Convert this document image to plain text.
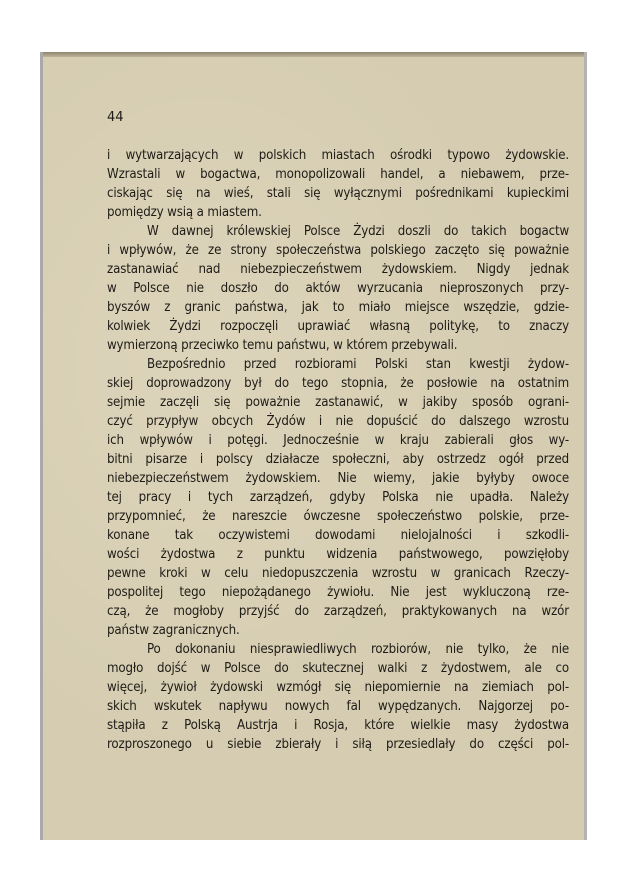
44
i wytwarzających w polskich miastach ośrodki typowo żydowskie.
Wzrastali w bogactwa, monopolizowali handel, a niebawem, prze-
ciskając się na wieś, stali się wyłącznymi pośrednikami kupieckimi
pomiędzy wsią a miastem.
W dawnej królewskiej Polsce Żydzi doszli do takich bogactw
i wpływów, że ze strony społeczeństwa polskiego zaczęto się poważnie
zastanawiać nad niebezpieczeństwem żydowskiem. Nigdy jednak
w Polsce nie doszło do aktów wyrzucania nieproszonych przy-
byszów z granic państwa, jak to miało miejsce wszędzie, gdzie-
kolwiek Żydzi rozpoczęli uprawiać własną politykę, to znaczy
wymierzoną przeciwko temu państwu, w którem przebywali.
Bezpośrednio przed rozbiorami Polski stan kwestji żydow-
skiej doprowadzony był do tego stopnia, że posłowie na ostatnim
sejmie zaczęli się poważnie zastanawić, w jakiby sposób ograni-
czyć przypływ obcych Żydów i nie dopuścić do dalszego wzrostu
ich wpływów i potęgi. Jednocześnie w kraju zabierali głos wy-
bitni pisarze i polscy działacze społeczni, aby ostrzedz ogół przed
niebezpieczeństwem żydowskiem. Nie wiemy, jakie byłyby owoce
tej pracy i tych zarządzeń, gdyby Polska nie upadła. Należy
przypomnieć, że nareszcie ówczesne społeczeństwo polskie, prze-
konane tak oczywistemi dowodami nielojalności i szkodli-
wości żydostwa z punktu widzenia państwowego, powzięłoby
pewne kroki w celu niedopuszczenia wzrostu w granicach Rzeczy-
pospolitej tego niepożądanego żywiołu. Nie jest wykluczoną rze-
czą, że mogłoby przyjść do zarządzeń, praktykowanych na wzór
państw zagranicznych.
Po dokonaniu niesprawiedliwych rozbiorów, nie tylko, że nie
mogło dojść w Polsce do skutecznej walki z żydostwem, ale co
więcej, żywioł żydowski wzmógł się niepomiernie na ziemiach pol-
skich wskutek napływu nowych fal wypędzanych. Najgorzej po-
stąpiła z Polską Austrja i Rosja, które wielkie masy żydostwa
rozproszonego u siebie zbierały i siłą przesiedlały do części pol-
